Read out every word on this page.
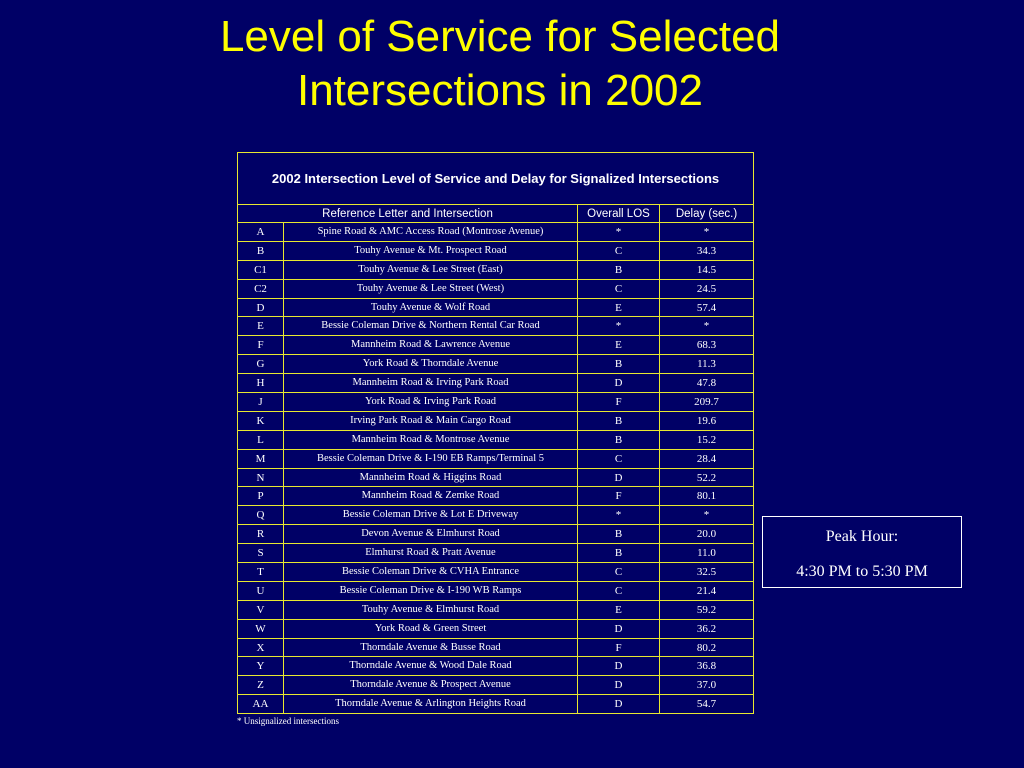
Level of Service for Selected
Intersections in 2002
2002 Intersection Level of Service and Delay for Signalized Intersections			
Reference Letter and Intersection		Overall LOS	Delay (sec.)
A	Spine Road & AMC Access Road (Montrose Avenue)	*	*
B	Touhy Avenue & Mt. Prospect Road	C	34.3
C1	Touhy Avenue & Lee Street (East)	B	14.5
C2	Touhy Avenue & Lee Street (West)	C	24.5
D	Touhy Avenue & Wolf Road	E	57.4
E	Bessie Coleman Drive & Northern Rental Car Road	*	*
F	Mannheim Road & Lawrence Avenue	E	68.3
G	York Road & Thorndale Avenue	B	11.3
H	Mannheim Road & Irving Park Road	D	47.8
J	York Road & Irving Park Road	F	209.7
K	Irving Park Road & Main Cargo Road	B	19.6
L	Mannheim Road & Montrose Avenue	B	15.2
M	Bessie Coleman Drive & I-190 EB Ramps/Terminal 5	C	28.4
N	Mannheim Road & Higgins Road	D	52.2
P	Mannheim Road & Zemke Road	F	80.1
Q	Bessie Coleman Drive & Lot E Driveway	*	*
R	Devon Avenue & Elmhurst Road	B	20.0
S	Elmhurst Road & Pratt Avenue	B	11.0
T	Bessie Coleman Drive & CVHA Entrance	C	32.5
U	Bessie Coleman Drive & I-190 WB Ramps	C	21.4
V	Touhy Avenue & Elmhurst Road	E	59.2
W	York Road & Green Street	D	36.2
X	Thorndale Avenue & Busse Road	F	80.2
Y	Thorndale Avenue & Wood Dale Road	D	36.8
Z	Thorndale Avenue & Prospect Avenue	D	37.0
AA	Thorndale Avenue & Arlington Heights Road	D	54.7
* Unsignalized intersections
Peak Hour:
4:30 PM to 5:30 PM
